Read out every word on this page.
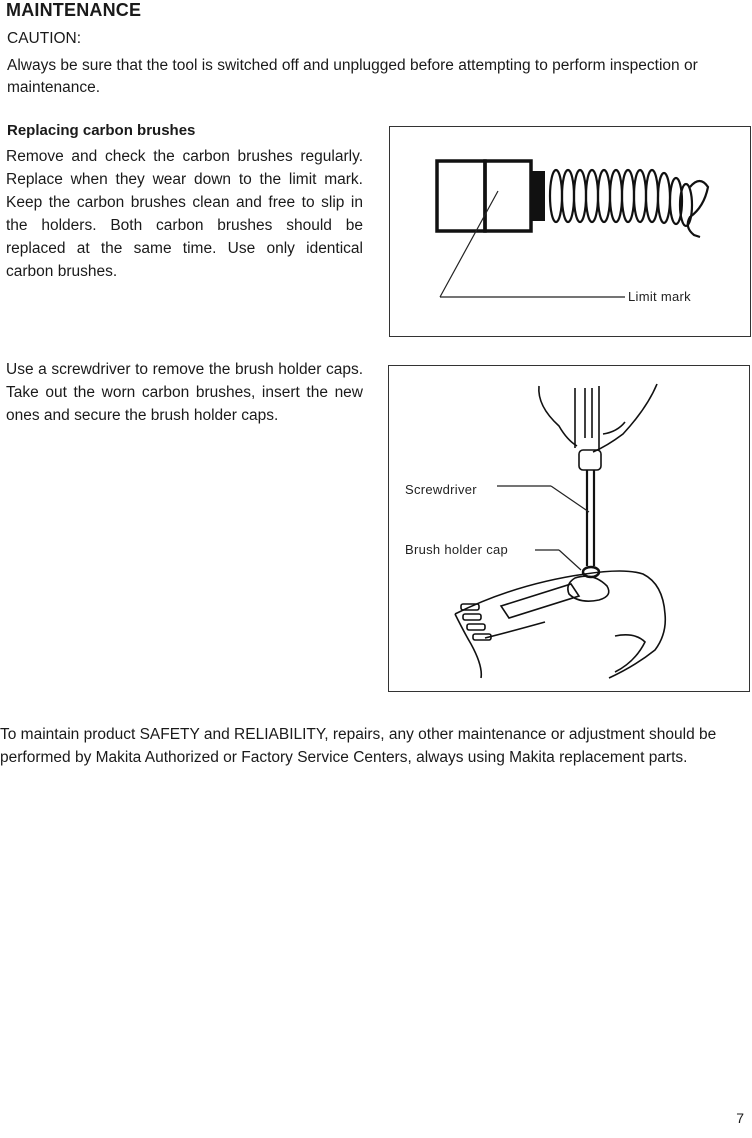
MAINTENANCE
CAUTION:
Always be sure that the tool is switched off and unplugged before attempting to perform inspection or maintenance.
Replacing carbon brushes
Remove and check the carbon brushes regularly. Replace when they wear down to the limit mark. Keep the carbon brushes clean and free to slip in the holders. Both carbon brushes should be replaced at the same time. Use only identical carbon brushes.
Limit mark
Use a screwdriver to remove the brush holder caps. Take out the worn carbon brushes, insert the new ones and secure the brush holder caps.
Screwdriver
Brush holder cap
To maintain product SAFETY and RELIABILITY, repairs, any other maintenance or adjustment should be performed by Makita Authorized or Factory Service Centers, always using Makita replacement parts.
7
